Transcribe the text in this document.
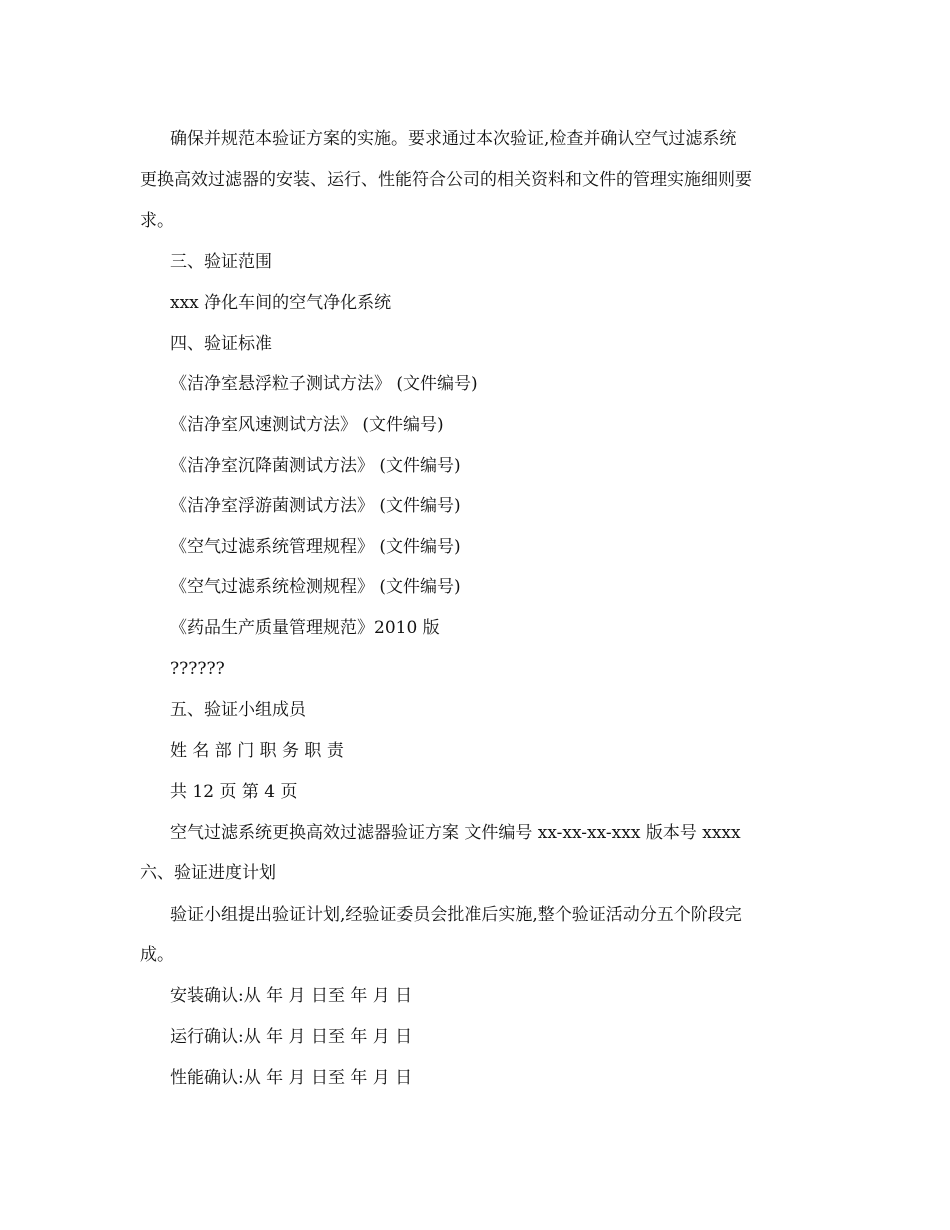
确保并规范本验证方案的实施。要求通过本次验证,检查并确认空气过滤系统
更换高效过滤器的安装、运行、性能符合公司的相关资料和文件的管理实施细则要
求。
三、验证范围
xxx 净化车间的空气净化系统
四、验证标准
《洁净室悬浮粒子测试方法》 (文件编号)
《洁净室风速测试方法》 (文件编号)
《洁净室沉降菌测试方法》 (文件编号)
《洁净室浮游菌测试方法》 (文件编号)
《空气过滤系统管理规程》 (文件编号)
《空气过滤系统检测规程》 (文件编号)
《药品生产质量管理规范》2010 版
??????
五、验证小组成员
姓 名 部 门 职 务 职 责
共 12 页 第 4 页
空气过滤系统更换高效过滤器验证方案 文件编号 xx-xx-xx-xxx 版本号 xxxx
六、验证进度计划
验证小组提出验证计划,经验证委员会批准后实施,整个验证活动分五个阶段完
成。
安装确认:从 年 月 日至 年 月 日
运行确认:从 年 月 日至 年 月 日
性能确认:从 年 月 日至 年 月 日
